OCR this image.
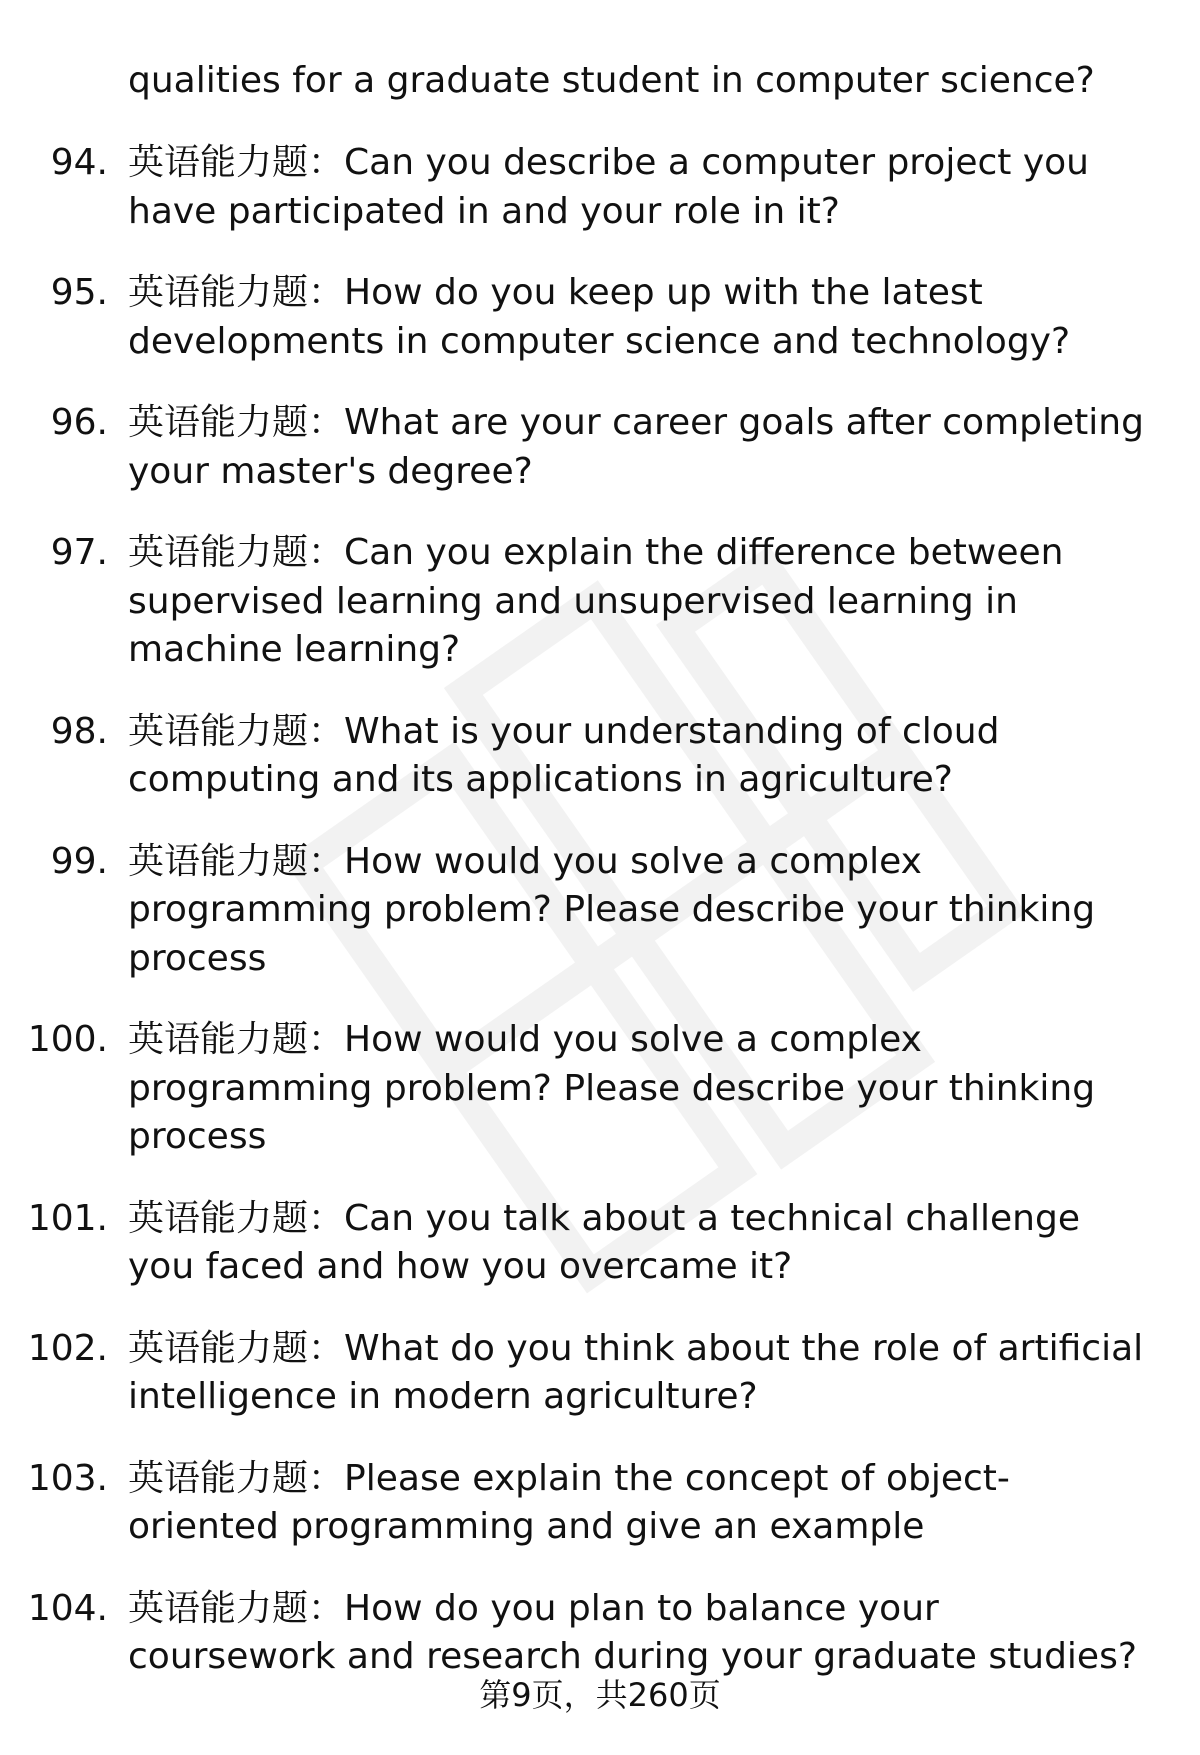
qualities for a graduate student in computer science?

94. 英语能力题：Can you describe a computer project you have participated in and your role in it?
95. 英语能力题：How do you keep up with the latest developments in computer science and technology?
96. 英语能力题：What are your career goals after completing your master's degree?
97. 英语能力题：Can you explain the difference between supervised learning and unsupervised learning in machine learning?
98. 英语能力题：What is your understanding of cloud computing and its applications in agriculture?
99. 英语能力题：How would you solve a complex programming problem? Please describe your thinking process
100. 英语能力题：How would you solve a complex programming problem? Please describe your thinking process
101. 英语能力题：Can you talk about a technical challenge you faced and how you overcame it?
102. 英语能力题：What do you think about the role of artificial intelligence in modern agriculture?
103. 英语能力题：Please explain the concept of object-oriented programming and give an example
104. 英语能力题：How do you plan to balance your coursework and research during your graduate studies?
第9页，共260页
